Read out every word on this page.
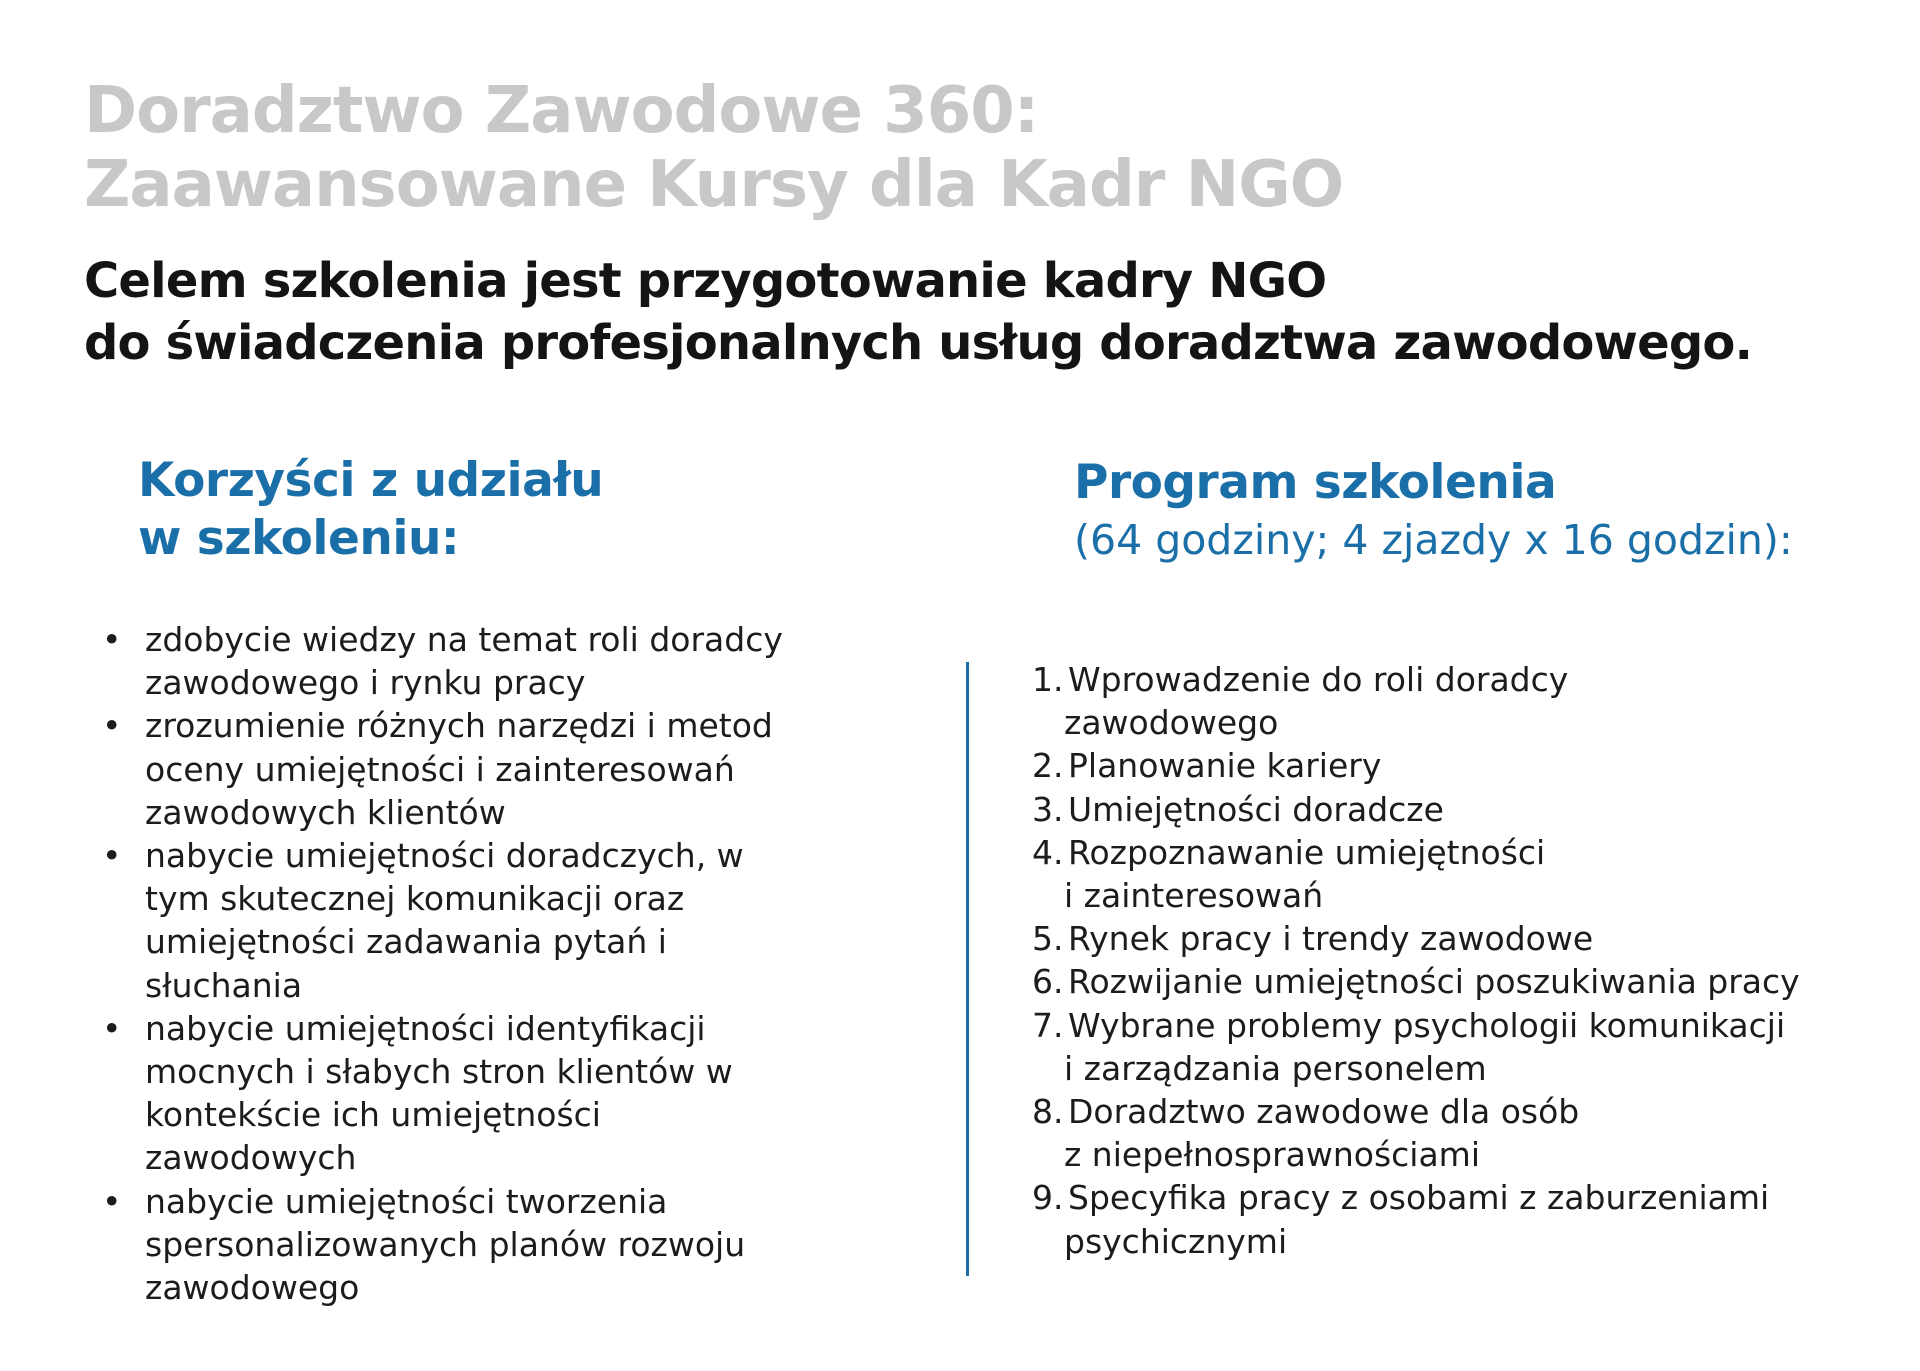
Doradztwo Zawodowe 360:
Zaawansowane Kursy dla Kadr NGO
Celem szkolenia jest przygotowanie kadry NGO
do świadczenia profesjonalnych usług doradztwa zawodowego.
Korzyści z udziału
w szkoleniu:
Program szkolenia

(64 godziny; 4 zjazdy x 16 godzin):

• zdobycie wiedzy na temat roli doradcy
zawodowego i rynku pracy
• zrozumienie różnych narzędzi i metod
oceny umiejętności i zainteresowań
zawodowych klientów
• nabycie umiejętności doradczych, w
tym skutecznej komunikacji oraz
umiejętności zadawania pytań i
słuchania
• nabycie umiejętności identyfikacji
mocnych i słabych stron klientów w
kontekście ich umiejętności
zawodowych
• nabycie umiejętności tworzenia
spersonalizowanych planów rozwoju
zawodowego
1. Wprowadzenie do roli doradcy
zawodowego
2. Planowanie kariery
3. Umiejętności doradcze
4. Rozpoznawanie umiejętności
i zainteresowań
5. Rynek pracy i trendy zawodowe
6. Rozwijanie umiejętności poszukiwania pracy
7. Wybrane problemy psychologii komunikacji
i zarządzania personelem
8. Doradztwo zawodowe dla osób
z niepełnosprawnościami
9. Specyfika pracy z osobami z zaburzeniami
psychicznymi
